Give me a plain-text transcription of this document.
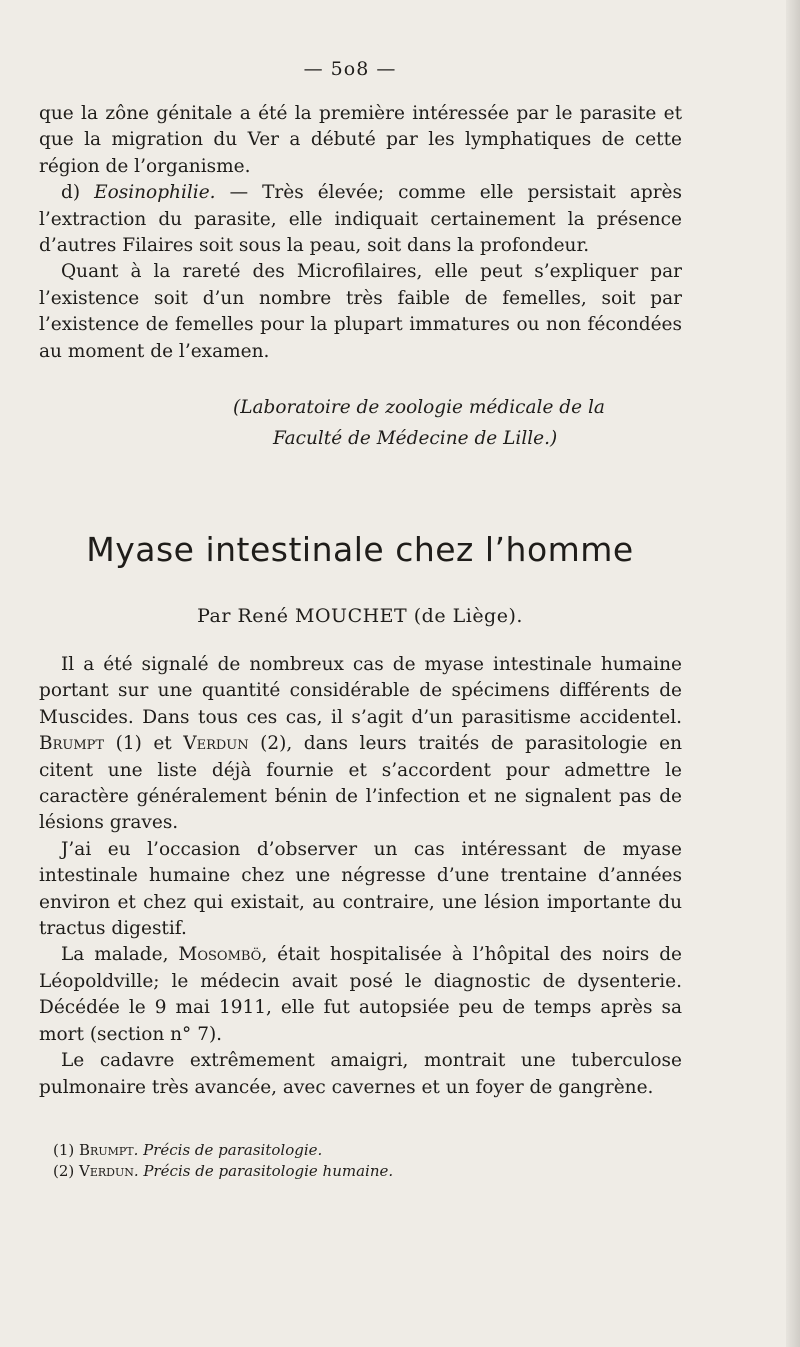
— 5o8 —

que la zône génitale a été la première intéressée par le parasite et que la migration du Ver a débuté par les lymphatiques de cette région de l’organisme.

d) Eosinophilie. — Très élevée; comme elle persistait après l’extraction du parasite, elle indiquait certainement la présence d’autres Filaires soit sous la peau, soit dans la profondeur.

Quant à la rareté des Microfilaires, elle peut s’expliquer par l’existence soit d’un nombre très faible de femelles, soit par l’existence de femelles pour la plupart immatures ou non fécondées au moment de l’examen.

(Laboratoire de zoologie médicale de la
Faculté de Médecine de Lille.)
Myase intestinale chez l’homme
Par René MOUCHET (de Liège).

Il a été signalé de nombreux cas de myase intestinale humaine portant sur une quantité considérable de spécimens différents de Muscides. Dans tous ces cas, il s’agit d’un parasitisme accidentel. Brumpt (1) et Verdun (2), dans leurs traités de parasitologie en citent une liste déjà fournie et s’accordent pour admettre le caractère généralement bénin de l’infection et ne signalent pas de lésions graves.

J’ai eu l’occasion d’observer un cas intéressant de myase intestinale humaine chez une négresse d’une trentaine d’années environ et chez qui existait, au contraire, une lésion importante du tractus digestif.

La malade, Mosombö, était hospitalisée à l’hôpital des noirs de Léopoldville; le médecin avait posé le diagnostic de dysenterie. Décédée le 9 mai 1911, elle fut autopsiée peu de temps après sa mort (section n° 7).

Le cadavre extrêmement amaigri, montrait une tuberculose pulmonaire très avancée, avec cavernes et un foyer de gangrène.

(1) Brumpt. Précis de parasitologie.
(2) Verdun. Précis de parasitologie humaine.
